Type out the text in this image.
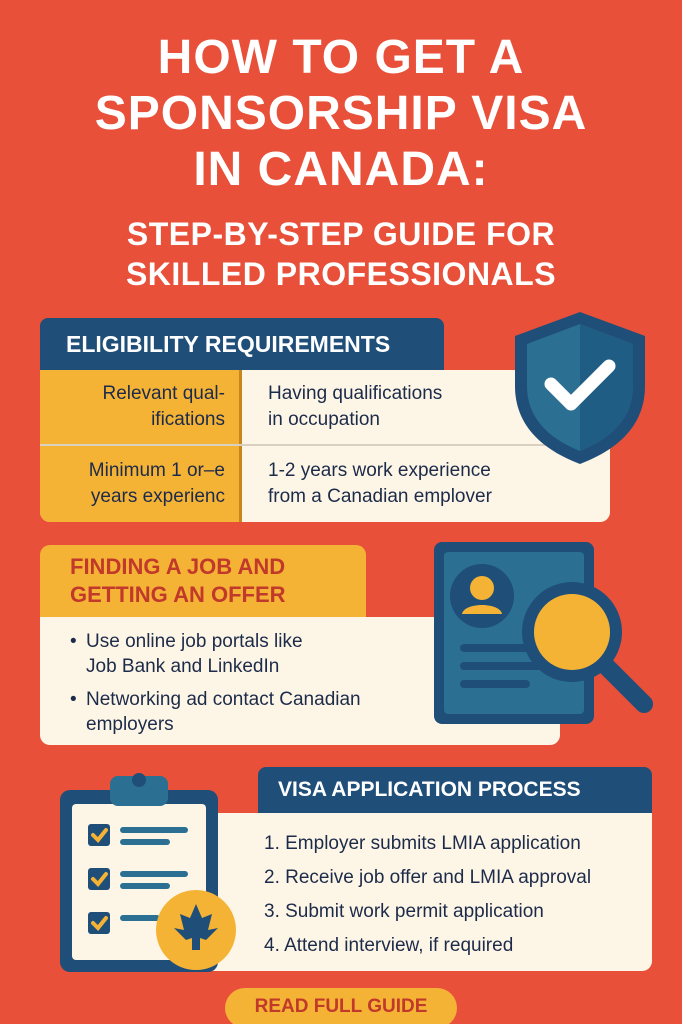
HOW TO GET A
SPONSORSHIP VISA
IN CANADA:
STEP-BY-STEP GUIDE FOR
SKILLED PROFESSIONALS
ELIGIBILITY REQUIREMENTS
Relevant qual-
ifications
Having qualifications
in occupation
Minimum 1 or–e
years experienc
1-2 years work experience
from a Canadian emplover
FINDING A JOB AND
GETTING AN OFFER
• Use online job portals like
Job Bank and LinkedIn
• Networking ad contact Canadian
employers
VISA APPLICATION PROCESS
1. Employer submits LMIA application
2. Receive job offer and LMIA approval
3. Submit work permit application
4. Attend interview, if required
READ FULL GUIDE
